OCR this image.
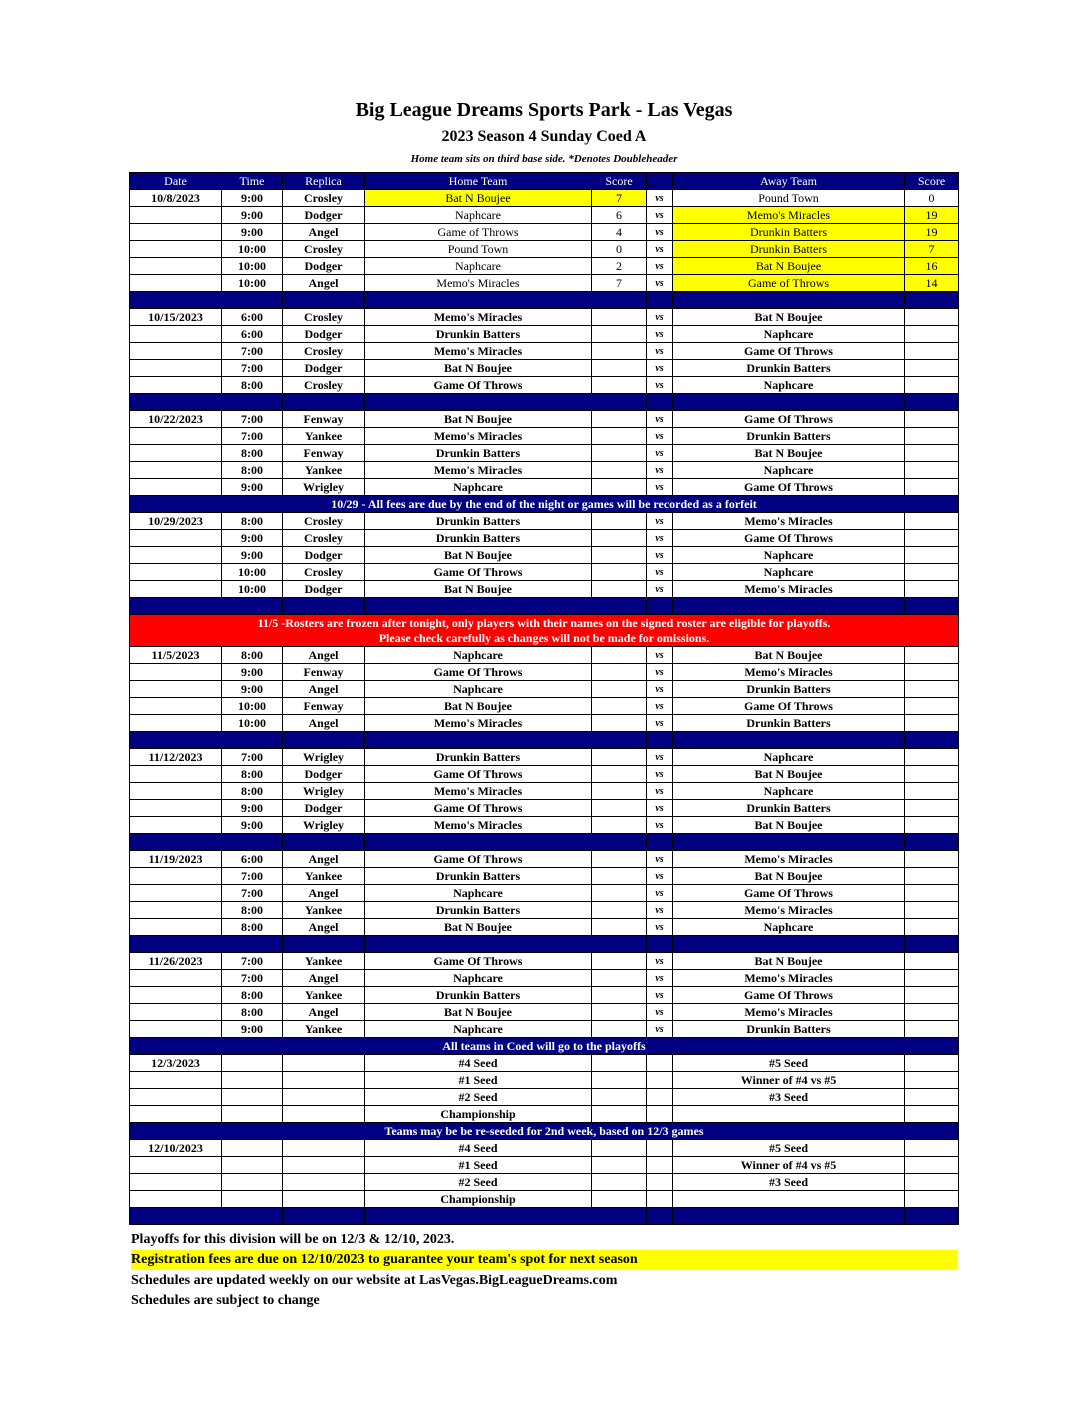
Big League Dreams Sports Park - Las Vegas
2023 Season 4 Sunday Coed A
Home team sits on third base side. *Denotes Doubleheader
Date	Time	Replica	Home Team	Score		Away Team	Score
10/8/2023	9:00	Crosley	Bat N Boujee	7	vs	Pound Town	0
	9:00	Dodger	Naphcare	6	vs	Memo's Miracles	19
	9:00	Angel	Game of Throws	4	vs	Drunkin Batters	19
	10:00	Crosley	Pound Town	0	vs	Drunkin Batters	7
	10:00	Dodger	Naphcare	2	vs	Bat N Boujee	16
	10:00	Angel	Memo's Miracles	7	vs	Game of Throws	14

10/15/2023	6:00	Crosley	Memo's Miracles		vs	Bat N Boujee	
	6:00	Dodger	Drunkin Batters		vs	Naphcare	
	7:00	Crosley	Memo's Miracles		vs	Game Of Throws	
	7:00	Dodger	Bat N Boujee		vs	Drunkin Batters	
	8:00	Crosley	Game Of Throws		vs	Naphcare	

10/22/2023	7:00	Fenway	Bat N Boujee		vs	Game Of Throws	
	7:00	Yankee	Memo's Miracles		vs	Drunkin Batters	
	8:00	Fenway	Drunkin Batters		vs	Bat N Boujee	
	8:00	Yankee	Memo's Miracles		vs	Naphcare	
	9:00	Wrigley	Naphcare		vs	Game Of Throws	
10/29 - All fees are due by the end of the night or games will be recorded as a forfeit							
10/29/2023	8:00	Crosley	Drunkin Batters		vs	Memo's Miracles	
	9:00	Crosley	Drunkin Batters		vs	Game Of Throws	
	9:00	Dodger	Bat N Boujee		vs	Naphcare	
	10:00	Crosley	Game Of Throws		vs	Naphcare	
	10:00	Dodger	Bat N Boujee		vs	Memo's Miracles	

11/5 -Rosters are frozen after tonight, only players with their names on the signed roster are eligible for playoffs.
Please check carefully as changes will not be made for omissions.							

11/5/2023	8:00	Angel	Naphcare		vs	Bat N Boujee	
	9:00	Fenway	Game Of Throws		vs	Memo's Miracles	
	9:00	Angel	Naphcare		vs	Drunkin Batters	
	10:00	Fenway	Bat N Boujee		vs	Game Of Throws	
	10:00	Angel	Memo's Miracles		vs	Drunkin Batters	

11/12/2023	7:00	Wrigley	Drunkin Batters		vs	Naphcare	
	8:00	Dodger	Game Of Throws		vs	Bat N Boujee	
	8:00	Wrigley	Memo's Miracles		vs	Naphcare	
	9:00	Dodger	Game Of Throws		vs	Drunkin Batters	
	9:00	Wrigley	Memo's Miracles		vs	Bat N Boujee	

11/19/2023	6:00	Angel	Game Of Throws		vs	Memo's Miracles	
	7:00	Yankee	Drunkin Batters		vs	Bat N Boujee	
	7:00	Angel	Naphcare		vs	Game Of Throws	
	8:00	Yankee	Drunkin Batters		vs	Memo's Miracles	
	8:00	Angel	Bat N Boujee		vs	Naphcare	

11/26/2023	7:00	Yankee	Game Of Throws		vs	Bat N Boujee	
	7:00	Angel	Naphcare		vs	Memo's Miracles	
	8:00	Yankee	Drunkin Batters		vs	Game Of Throws	
	8:00	Angel	Bat N Boujee		vs	Memo's Miracles	
	9:00	Yankee	Naphcare		vs	Drunkin Batters	
All teams in Coed will go to the playoffs							
12/3/2023			#4 Seed			#5 Seed	
			#1 Seed			Winner of #4 vs #5	
			#2 Seed			#3 Seed	
			Championship				
Teams may be be re-seeded for 2nd week, based on 12/3 games							
12/10/2023			#4 Seed			#5 Seed	
			#1 Seed			Winner of #4 vs #5	
			#2 Seed			#3 Seed	
			Championship				

Playoffs for this division will be on 12/3 & 12/10, 2023.
Registration fees are due on 12/10/2023 to guarantee your team's spot for next season
Schedules are updated weekly on our website at LasVegas.BigLeagueDreams.com
Schedules are subject to change
